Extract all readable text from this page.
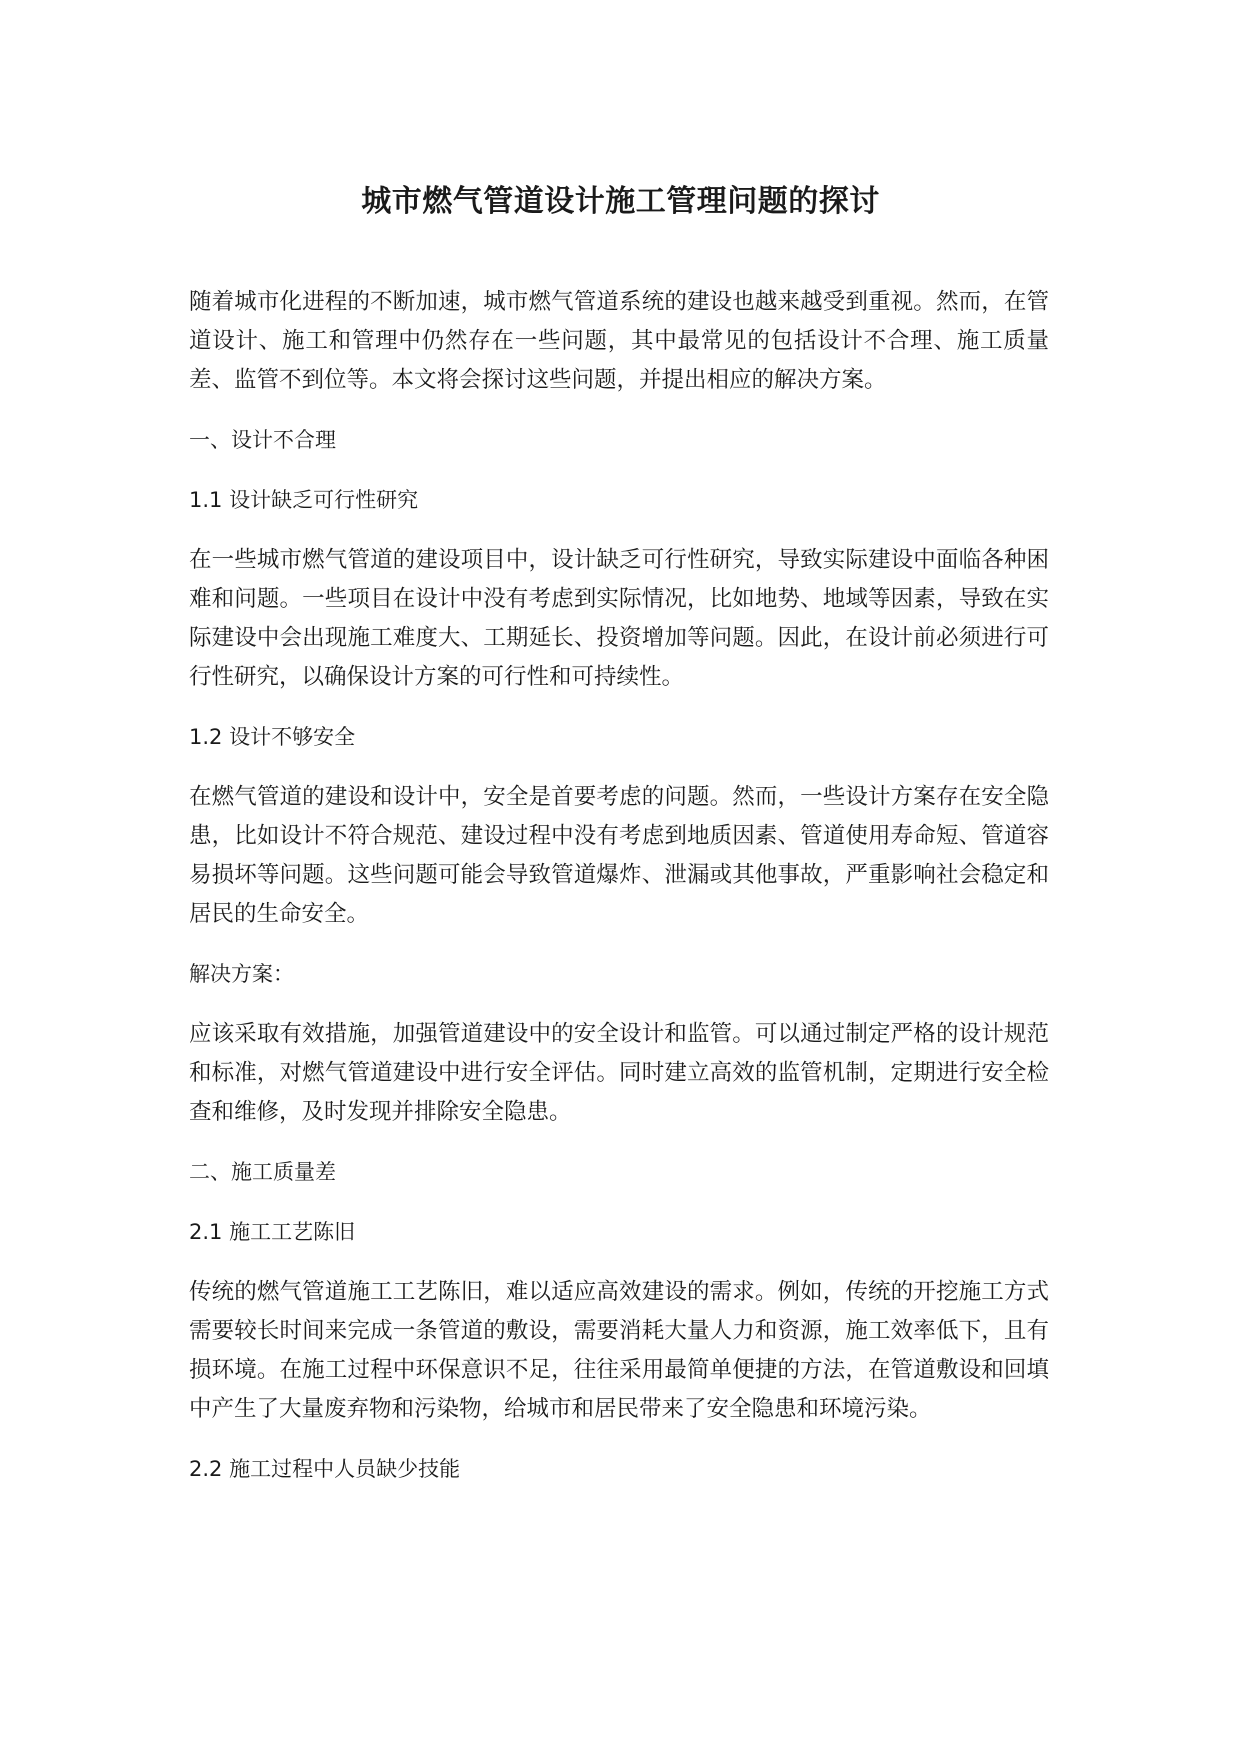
城市燃气管道设计施工管理问题的探讨

随着城市化进程的不断加速，城市燃气管道系统的建设也越来越受到重视。然而，在管道设计、施工和管理中仍然存在一些问题，其中最常见的包括设计不合理、施工质量差、监管不到位等。本文将会探讨这些问题，并提出相应的解决方案。

一、设计不合理

1.1 设计缺乏可行性研究

在一些城市燃气管道的建设项目中，设计缺乏可行性研究，导致实际建设中面临各种困难和问题。一些项目在设计中没有考虑到实际情况，比如地势、地域等因素，导致在实际建设中会出现施工难度大、工期延长、投资增加等问题。因此，在设计前必须进行可行性研究，以确保设计方案的可行性和可持续性。

1.2 设计不够安全

在燃气管道的建设和设计中，安全是首要考虑的问题。然而，一些设计方案存在安全隐患，比如设计不符合规范、建设过程中没有考虑到地质因素、管道使用寿命短、管道容易损坏等问题。这些问题可能会导致管道爆炸、泄漏或其他事故，严重影响社会稳定和居民的生命安全。

解决方案：

应该采取有效措施，加强管道建设中的安全设计和监管。可以通过制定严格的设计规范和标准，对燃气管道建设中进行安全评估。同时建立高效的监管机制，定期进行安全检查和维修，及时发现并排除安全隐患。

二、施工质量差

2.1 施工工艺陈旧

传统的燃气管道施工工艺陈旧，难以适应高效建设的需求。例如，传统的开挖施工方式需要较长时间来完成一条管道的敷设，需要消耗大量人力和资源，施工效率低下，且有损环境。在施工过程中环保意识不足，往往采用最简单便捷的方法，在管道敷设和回填中产生了大量废弃物和污染物，给城市和居民带来了安全隐患和环境污染。

2.2 施工过程中人员缺少技能
